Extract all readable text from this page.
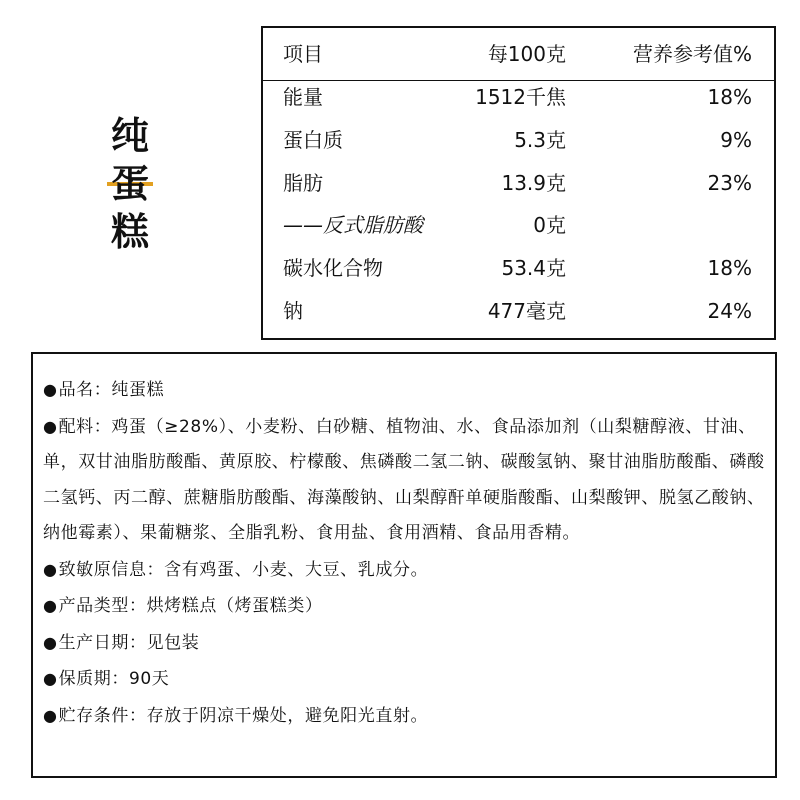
纯
蛋
糕
项目	每100克	营养参考值%
能量	1512千焦	18%
蛋白质	5.3克	9%
脂肪	13.9克	23%
——反式脂肪酸	0克
碳水化合物	53.4克	18%
钠	477毫克	24%

●品名：纯蛋糕

●配料：鸡蛋（≥28%）、小麦粉、白砂糖、植物油、水、食品添加剂（山梨糖醇液、甘油、单，双甘油脂肪酸酯、黄原胶、柠檬酸、焦磷酸二氢二钠、碳酸氢钠、聚甘油脂肪酸酯、磷酸二氢钙、丙二醇、蔗糖脂肪酸酯、海藻酸钠、山梨醇酐单硬脂酸酯、山梨酸钾、脱氢乙酸钠、纳他霉素）、果葡糖浆、全脂乳粉、食用盐、食用酒精、食品用香精。

●致敏原信息：含有鸡蛋、小麦、大豆、乳成分。

●产品类型：烘烤糕点（烤蛋糕类）

●生产日期：见包装

●保质期：90天

●贮存条件：存放于阴凉干燥处，避免阳光直射。
